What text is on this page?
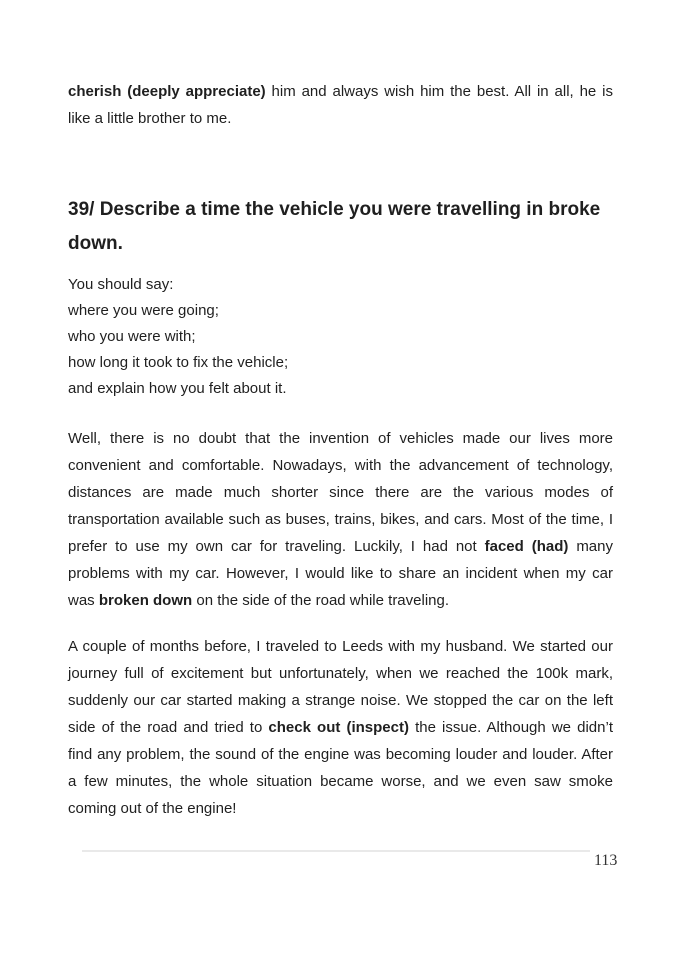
cherish (deeply appreciate) him and always wish him the best. All in all, he is like a little brother to me.

39/ Describe a time the vehicle you were travelling in broke down.

You should say:

where you were going;

who you were with;

how long it took to fix the vehicle;

and explain how you felt about it.

Well, there is no doubt that the invention of vehicles made our lives more convenient and comfortable. Nowadays, with the advancement of technology, distances are made much shorter since there are the various modes of transportation available such as buses, trains, bikes, and cars. Most of the time, I prefer to use my own car for traveling. Luckily, I had not faced (had) many problems with my car. However, I would like to share an incident when my car was broken down on the side of the road while traveling.

A couple of months before, I traveled to Leeds with my husband. We started our journey full of excitement but unfortunately, when we reached the 100k mark, suddenly our car started making a strange noise. We stopped the car on the left side of the road and tried to check out (inspect) the issue. Although we didn’t find any problem, the sound of the engine was becoming louder and louder. After a few minutes, the whole situation became worse, and we even saw smoke coming out of the engine!

113
